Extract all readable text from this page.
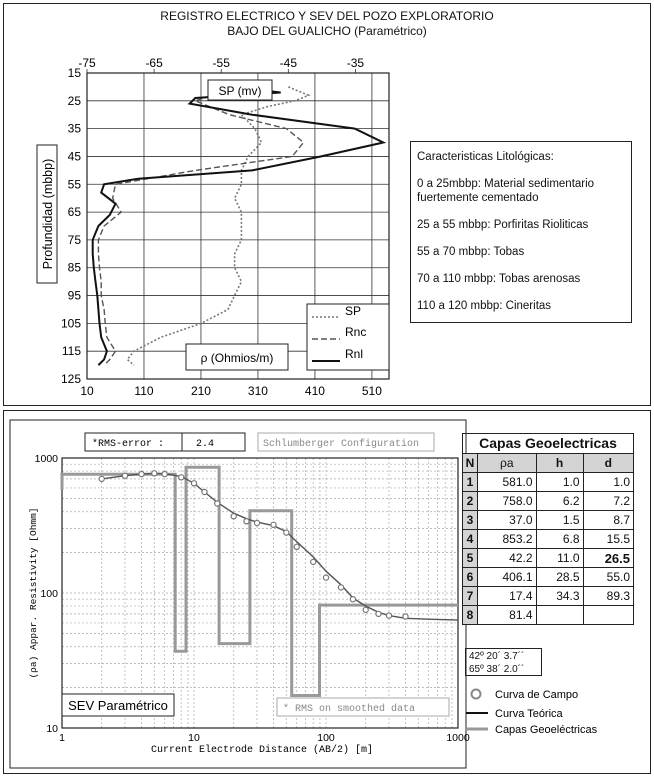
REGISTRO ELECTRICO Y SEV DEL POZO EXPLORATORIO
BAJO DEL GUALICHO (Paramétrico)
-75	-65	-55	-45	-35
10	110	210	310	410	510
15
25
35
45
55
65
75
85
95
105
115
125
SP (mv)
ρ (Ohmios/m)
Profundidad (mbbp)
SP
Rnc
Rnl

Caracteristicas Litológicas:

0 a 25mbbp: Material sedimentario fuertemente cementado

25 a 55 mbbp: Porfiritas Rioliticas

55 a 70 mbbp: Tobas

70 a 110 mbbp: Tobas arenosas

110 a 120 mbbp: Cineritas

1	10	100	1000
1000
100
10
*RMS-error :	2.4	Schlumberger Configuration
SEV Paramétrico	* RMS on smoothed data
Current Electrode Distance (AB/2) [m]
(ρa) Appar. Resistivity [Ohmm]
Capas Geoelectricas
N	ρa	h	d
1	581.0	1.0	1.0
2	758.0	6.2	7.2
3	37.0	1.5	8.7
4	853.2	6.8	15.5
5	42.2	11.0	26.5
6	406.1	28.5	55.0
7	17.4	34.3	89.3
8	81.4		
42º 20´ 3.7´´
65º 38´ 2.0´´
Curva de Campo
Curva Teórica
Capas Geoeléctricas
